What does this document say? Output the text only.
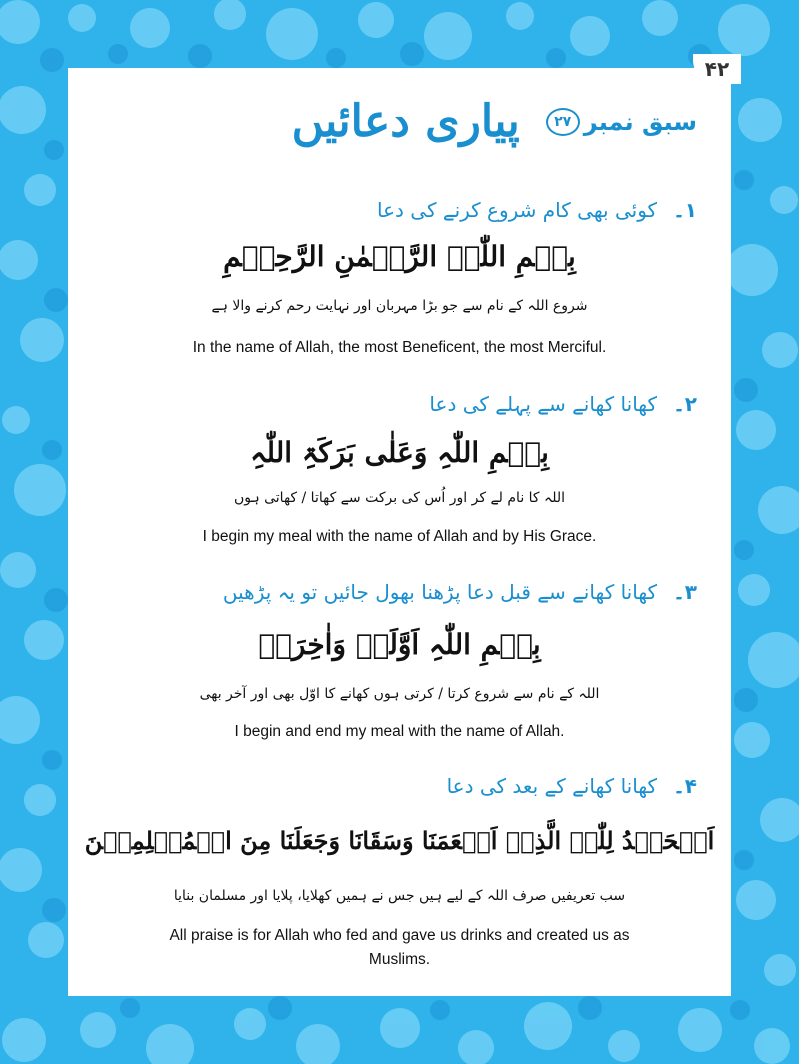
۴۲
سبق نمبر
۲۷
پیاری دعائیں
۱۔
کوئی بھی کام شروع کرنے کی دعا
بِسۡمِ اللّٰہِ الرَّحۡمٰنِ الرَّحِیۡمِ
شروع اللہ کے نام سے جو بڑا مہربان اور نہایت رحم کرنے والا ہے
In the name of Allah, the most Beneficent, the most Merciful.
۲۔
کھانا کھانے سے پہلے کی دعا
بِسۡمِ اللّٰہِ وَعَلٰی بَرَکَۃِ اللّٰہِ
اللہ کا نام لے کر اور اُس کی برکت سے کھاتا / کھاتی ہوں
I begin my meal with the name of Allah and by His Grace.
۳۔
کھانا کھانے سے قبل دعا پڑھنا بھول جائیں تو یہ پڑھیں
بِسۡمِ اللّٰہِ اَوَّلَہٗ وَاٰخِرَہٗ
اللہ کے نام سے شروع کرتا / کرتی ہوں کھانے کا اوّل بھی اور آخر بھی
I begin and end my meal with the name of Allah.
۴۔
کھانا کھانے کے بعد کی دعا
اَلۡحَمۡدُ لِلّٰہِ الَّذِیۡ اَطۡعَمَنَا وَسَقَانَا وَجَعَلَنَا مِنَ الۡمُسۡلِمِیۡنَ
سب تعریفیں صرف اللہ کے لیے ہیں جس نے ہمیں کھلایا، پلایا اور مسلمان بنایا
All praise is for Allah who fed and gave us drinks and created us as Muslims.
